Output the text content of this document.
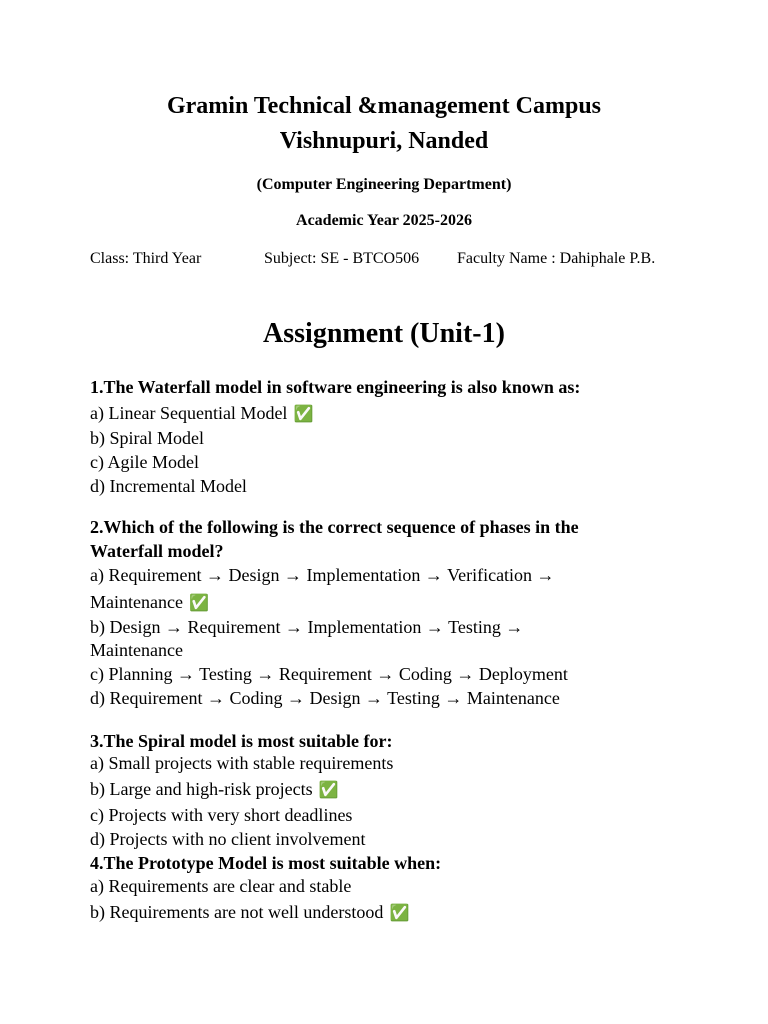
Gramin Technical &management Campus
Vishnupuri, Nanded
(Computer Engineering Department)
Academic Year 2025-2026
Class: Third Year	Subject: SE - BTCO506 Faculty Name : Dahiphale P.B.
Assignment (Unit-1)
1.The Waterfall model in software engineering is also known as:
a) Linear Sequential Model ✅
b) Spiral Model
c) Agile Model
d) Incremental Model
2.Which of the following is the correct sequence of phases in the
Waterfall model?
a) Requirement → Design → Implementation → Verification →
Maintenance ✅
b) Design → Requirement → Implementation → Testing →
Maintenance
c) Planning → Testing → Requirement → Coding → Deployment
d) Requirement → Coding → Design → Testing → Maintenance
3.The Spiral model is most suitable for:
a) Small projects with stable requirements
b) Large and high-risk projects ✅
c) Projects with very short deadlines
d) Projects with no client involvement
4.The Prototype Model is most suitable when:
a) Requirements are clear and stable
b) Requirements are not well understood ✅
